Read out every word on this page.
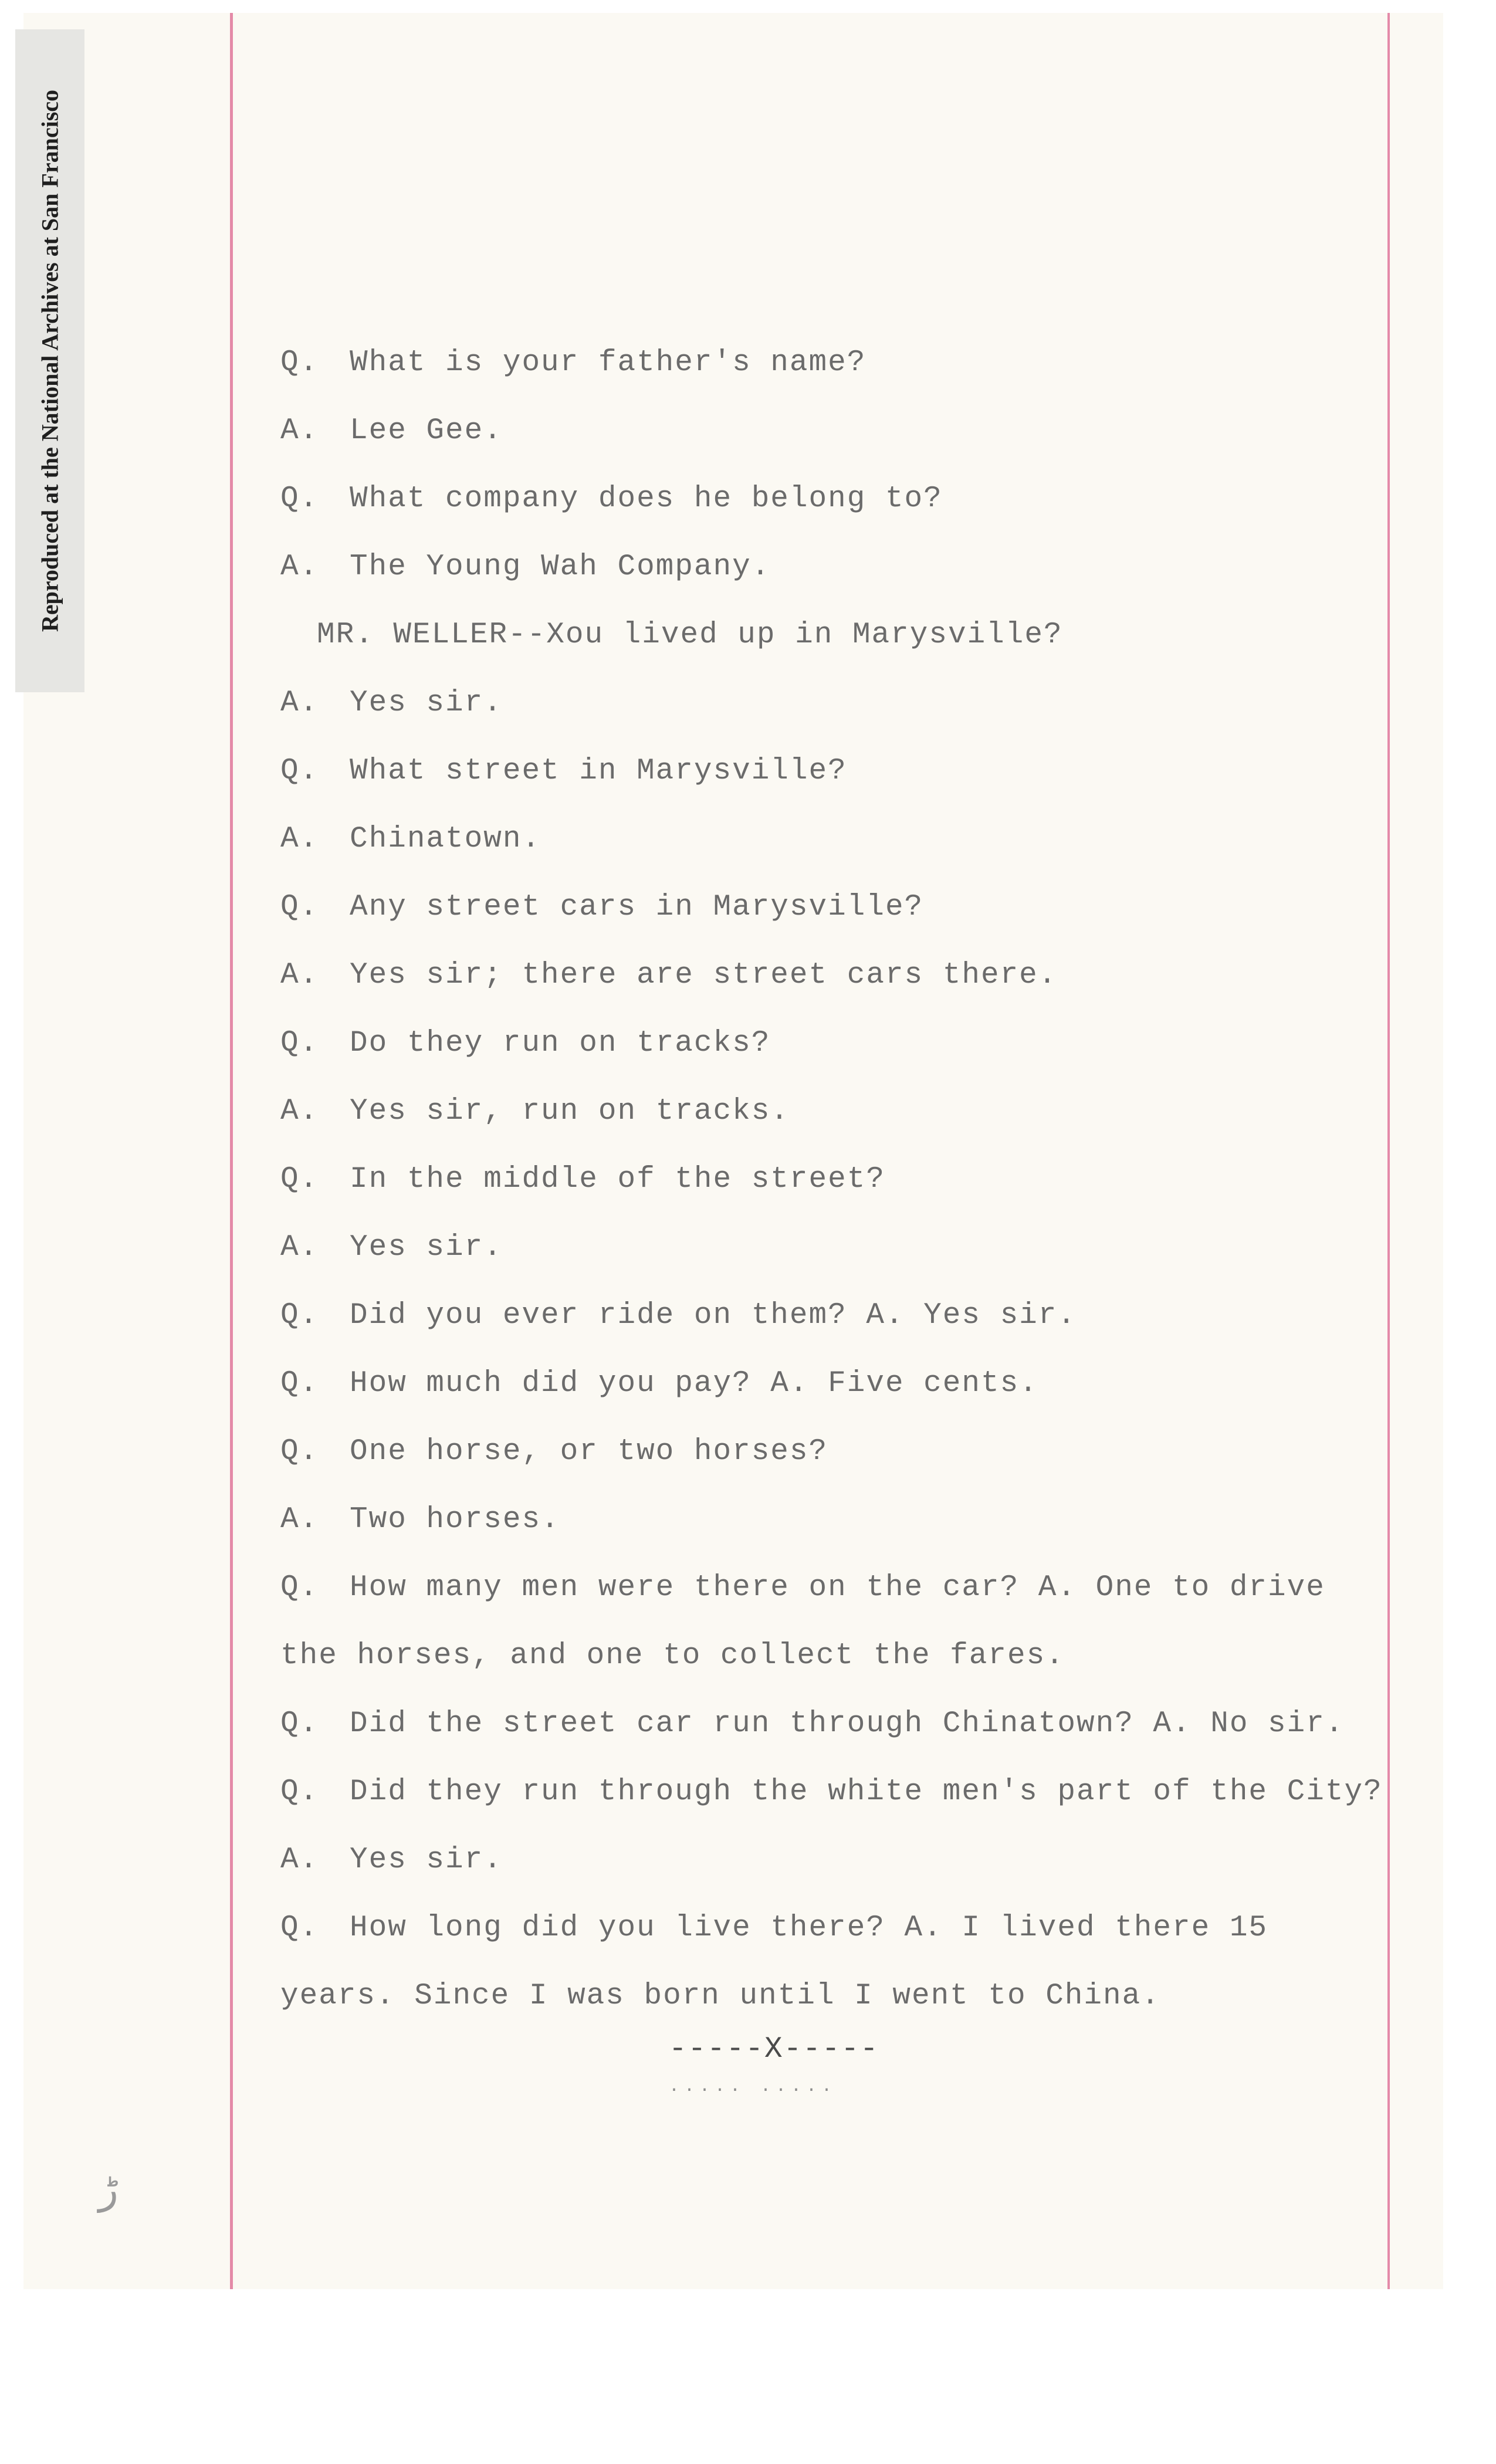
Reproduced at the National Archives at San Francisco	Q. What is your father's name?
A. Lee Gee.
Q. What company does he belong to?
A. The Young Wah Company.
MR. WELLER--Xou lived up in Marysville?
A. Yes sir.
Q. What street in Marysville?
A. Chinatown.
Q. Any street cars in Marysville?
A. Yes sir; there are street cars there.
Q. Do they run on tracks?
A. Yes sir, run on tracks.
Q. In the middle of the street?
A. Yes sir.
Q. Did you ever ride on them? A. Yes sir.
Q. How much did you pay? A. Five cents.
Q. One horse, or two horses?
A. Two horses.
Q. How many men were there on the car? A. One to drive
the horses, and one to collect the fares.
Q. Did the street car run through Chinatown? A. No sir.
Q. Did they run through the white men's part of the City?
A. Yes sir.
Q. How long did you live there? A. I lived there 15
years. Since I was born until I went to China.
-----X-----
..... .....
ڑ
